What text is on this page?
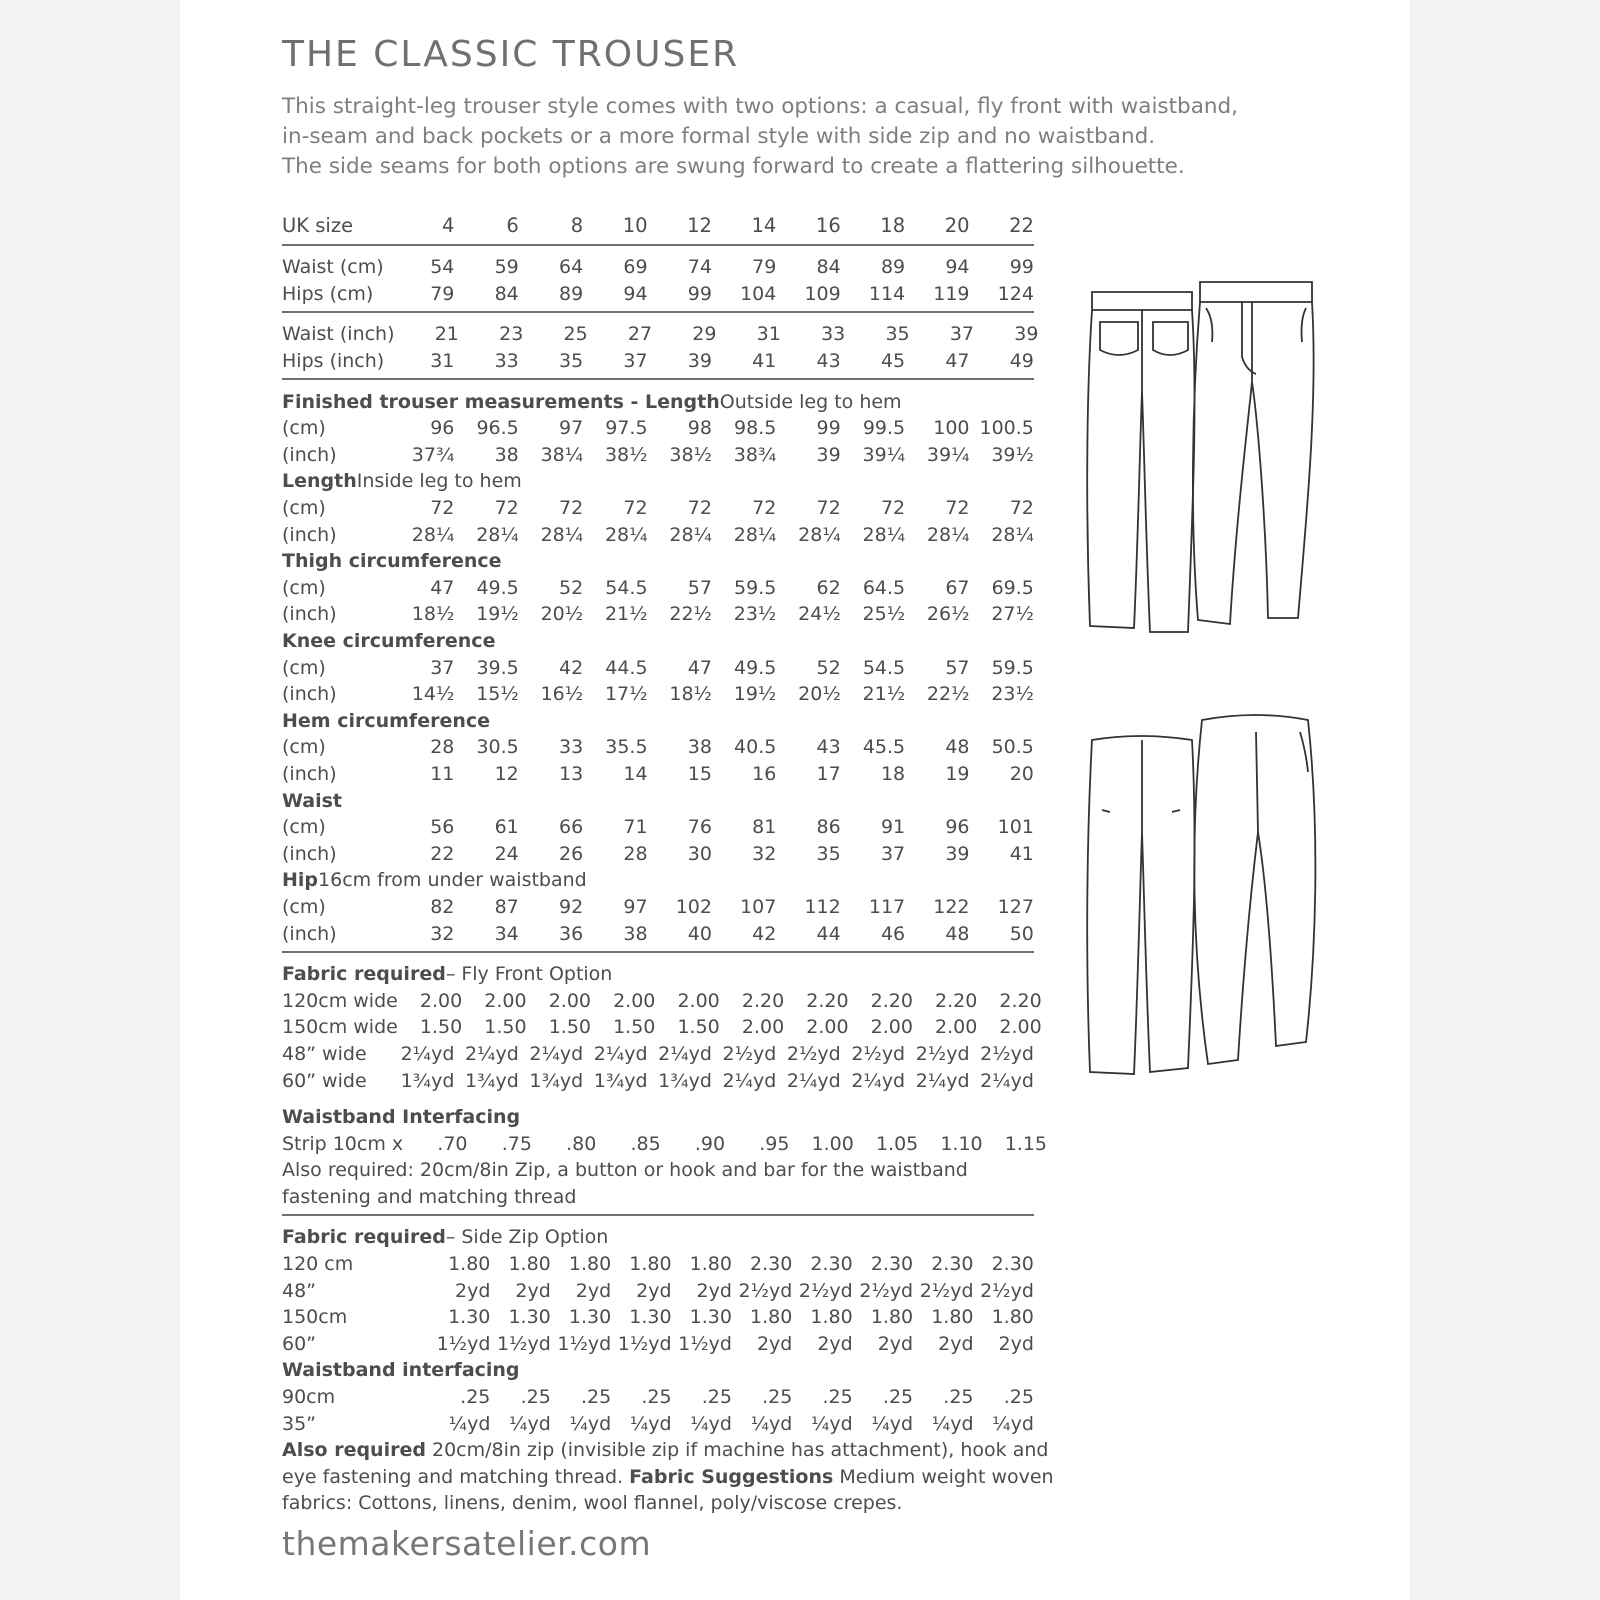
THE CLASSIC TROUSER
This straight-leg trouser style comes with two options: a casual, fly front with waistband,
in-seam and back pockets or a more formal style with side zip and no waistband.
The side seams for both options are swung forward to create a flattering silhouette.
UK size	4	6	8	10	12	14	16	18	20	22
Waist (cm)	54	59	64	69	74	79	84	89	94	99
Hips (cm)	79	84	89	94	99	104	109	114	119	124
Waist (inch)	21	23	25	27	29	31	33	35	37	39
Hips (inch)	31	33	35	37	39	41	43	45	47	49
Finished trouser measurements - Length Outside leg to hem
(cm)	96	96.5	97	97.5	98	98.5	99	99.5	100 100.5
(inch)	37¾	38	38¼	38½	38½	38¾	39	39¼	39¼	39½
Length Inside leg to hem
(cm)	72	72	72	72	72	72	72	72	72	72
(inch)	28¼	28¼	28¼	28¼	28¼	28¼	28¼	28¼	28¼	28¼
Thigh circumference
(cm)	47	49.5	52	54.5	57	59.5	62	64.5	67	69.5
(inch)	18½	19½	20½	21½	22½	23½	24½	25½	26½	27½
Knee circumference
(cm)	37	39.5	42	44.5	47	49.5	52	54.5	57	59.5
(inch)	14½	15½	16½	17½	18½	19½	20½	21½	22½	23½
Hem circumference
(cm)	28	30.5	33	35.5	38	40.5	43	45.5	48	50.5
(inch)	11	12	13	14	15	16	17	18	19	20
Waist
(cm)	56	61	66	71	76	81	86	91	96	101
(inch)	22	24	26	28	30	32	35	37	39	41
Hip 16cm from under waistband
(cm)	82	87	92	97	102	107	112	117	122	127
(inch)	32	34	36	38	40	42	44	46	48	50
Fabric required – Fly Front Option
120cm wide	2.00	2.00	2.00	2.00	2.00	2.20	2.20	2.20	2.20	2.20
150cm wide	1.50	1.50	1.50	1.50	1.50	2.00	2.00	2.00	2.00	2.00
48” wide	2¼yd 2¼yd 2¼yd 2¼yd 2¼yd 2½yd 2½yd 2½yd 2½yd 2½yd
60” wide	1¾yd 1¾yd 1¾yd 1¾yd 1¾yd 2¼yd 2¼yd 2¼yd 2¼yd 2¼yd
Waistband Interfacing
Strip 10cm x	.70	.75	.80	.85	.90	.95	1.00	1.05	1.10	1.15
Also required: 20cm/8in Zip, a button or hook and bar for the waistband
fastening and matching thread
Fabric required – Side Zip Option
120 cm	1.80 1.80 1.80 1.80 1.80 2.30 2.30 2.30 2.30 2.30
48”	2yd	2yd	2yd	2yd	2yd 2½yd 2½yd 2½yd 2½yd 2½yd
150cm	1.30 1.30 1.30 1.30 1.30 1.80 1.80 1.80 1.80 1.80
60”	1½yd 1½yd 1½yd 1½yd 1½yd	2yd	2yd	2yd	2yd	2yd
Waistband interfacing
90cm	.25	.25	.25	.25	.25	.25	.25	.25	.25	.25
35”	¼yd ¼yd ¼yd ¼yd ¼yd ¼yd ¼yd ¼yd ¼yd ¼yd
Also required 20cm/8in zip (invisible zip if machine has attachment), hook and
eye fastening and matching thread. Fabric Suggestions Medium weight woven
fabrics: Cottons, linens, denim, wool flannel, poly/viscose crepes.
themakersatelier.com
